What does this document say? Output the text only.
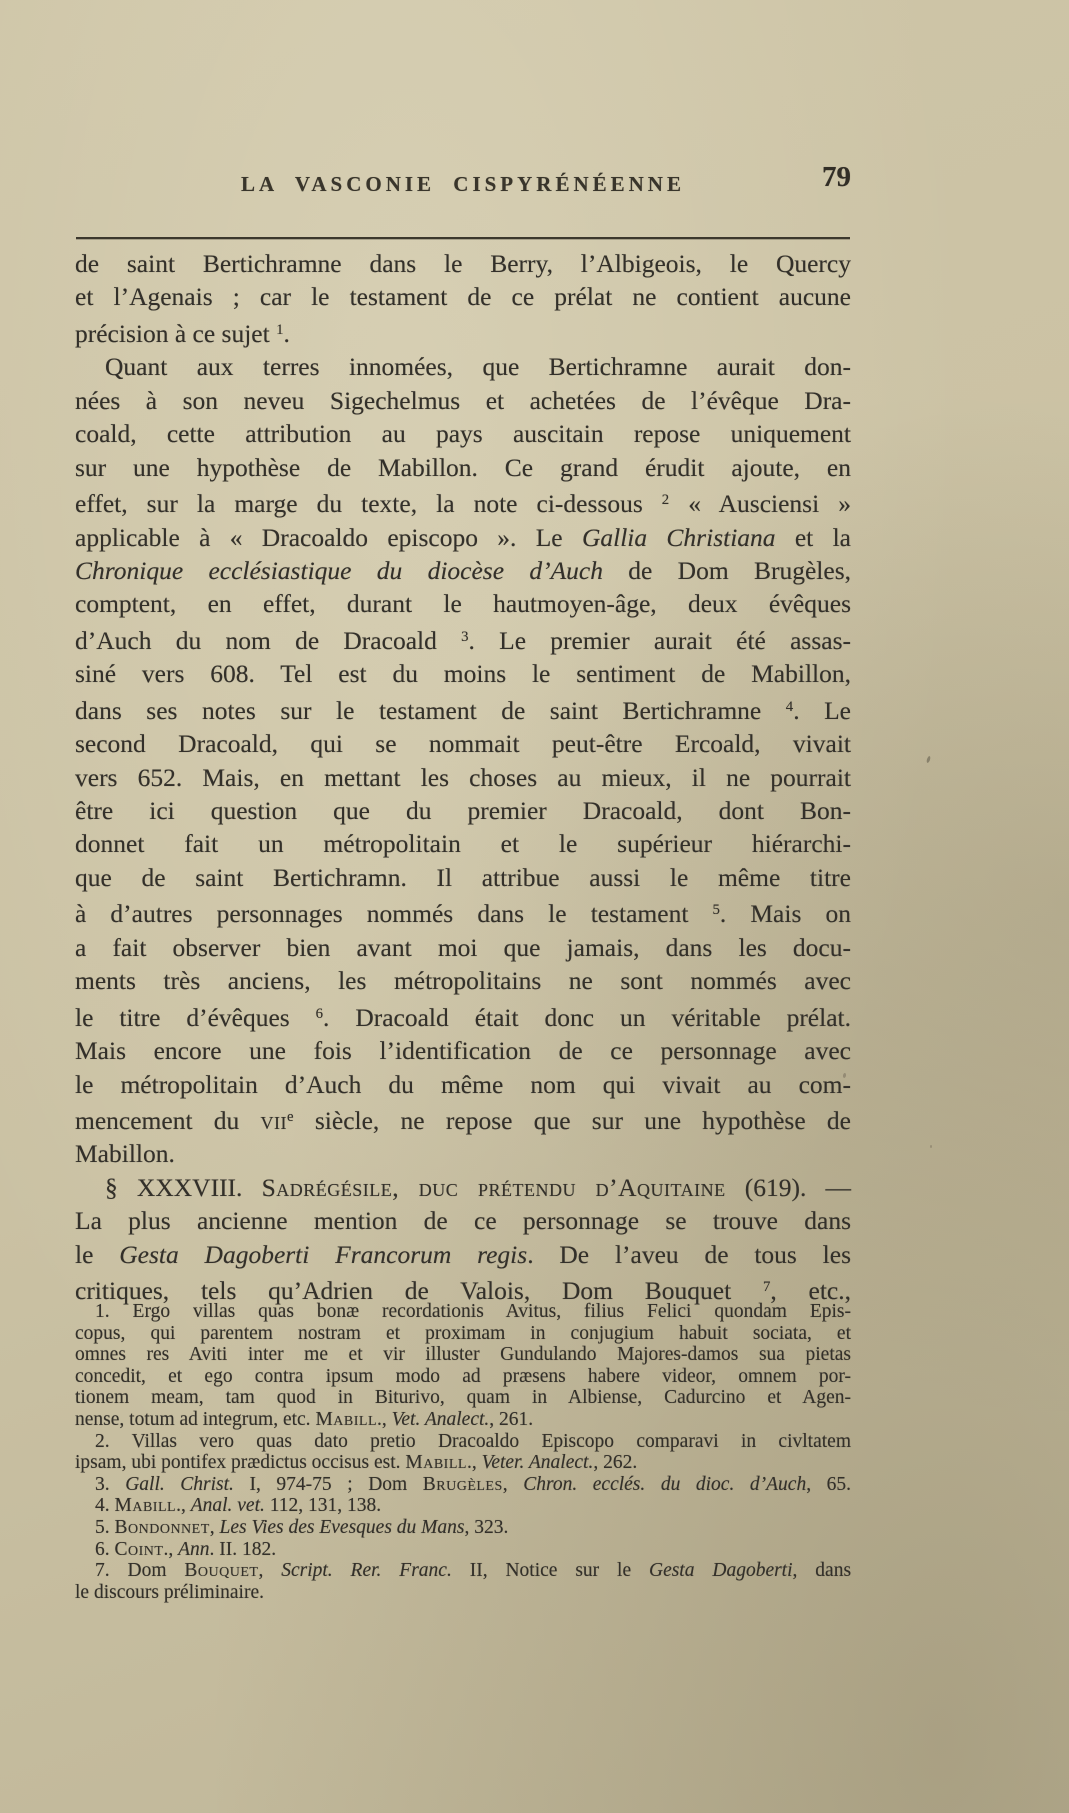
LA VASCONIE CISPYRÉNÉENNE	79
de saint Bertichramne dans le Berry, l’Albigeois, le Quercy
et l’Agenais ; car le testament de ce prélat ne contient aucune
précision à ce sujet $^1$.
Quant aux terres innomées, que Bertichramne aurait don-
nées à son neveu Sigechelmus et achetées de l’évêque Dra-
coald, cette attribution au pays auscitain repose uniquement
sur une hypothèse de Mabillon. Ce grand érudit ajoute, en
effet, sur la marge du texte, la note ci-dessous $^2$ « Ausciensi »
applicable à « Dracoaldo episcopo ». Le Gallia Christiana et la
Chronique ecclésiastique du diocèse d’Auch de Dom Brugèles,
comptent, en effet, durant le hautmoyen-âge, deux évêques
d’Auch du nom de Dracoald $^3$. Le premier aurait été assas-
siné vers 608. Tel est du moins le sentiment de Mabillon,
dans ses notes sur le testament de saint Bertichramne $^4$. Le
second Dracoald, qui se nommait peut-être Ercoald, vivait
vers 652. Mais, en mettant les choses au mieux, il ne pourrait
être ici question que du premier Dracoald, dont Bon-
donnet fait un métropolitain et le supérieur hiérarchi-
que de saint Bertichramn. Il attribue aussi le même titre
à d’autres personnages nommés dans le testament $^5$. Mais on
a fait observer bien avant moi que jamais, dans les docu-
ments très anciens, les métropolitains ne sont nommés avec
le titre d’évêques $^6$. Dracoald était donc un véritable prélat.
Mais encore une fois l’identification de ce personnage avec
le métropolitain d’Auch du même nom qui vivait au com-
mencement du vii$^e$ siècle, ne repose que sur une hypothèse de
Mabillon.
§ XXXVIII. Sadrégésile, duc prétendu d’Aquitaine (619). —
La plus ancienne mention de ce personnage se trouve dans
le Gesta Dagoberti Francorum regis. De l’aveu de tous les
critiques, tels qu’Adrien de Valois, Dom Bouquet $^7$, etc.,
1. Ergo villas quas bonæ recordationis Avitus, filius Felici quondam Epis-
copus, qui parentem nostram et proximam in conjugium habuit sociata, et
omnes res Aviti inter me et vir illuster Gundulando Majores-damos sua pietas
concedit, et ego contra ipsum modo ad præsens habere videor, omnem por-
tionem meam, tam quod in Biturivo, quam in Albiense, Cadurcino et Agen-
nense, totum ad integrum, etc. Mabill., Vet. Analect., 261.
2. Villas vero quas dato pretio Dracoaldo Episcopo comparavi in civltatem
ipsam, ubi pontifex prædictus occisus est. Mabill., Veter. Analect., 262.
3. Gall. Christ. I, 974-75 ; Dom Brugèles, Chron. ecclés. du dioc. d’Auch, 65.
4. Mabill., Anal. vet. 112, 131, 138.
5. Bondonnet, Les Vies des Evesques du Mans, 323.
6. Coint., Ann. II. 182.
7. Dom Bouquet, Script. Rer. Franc. II, Notice sur le Gesta Dagoberti, dans
le discours préliminaire.
